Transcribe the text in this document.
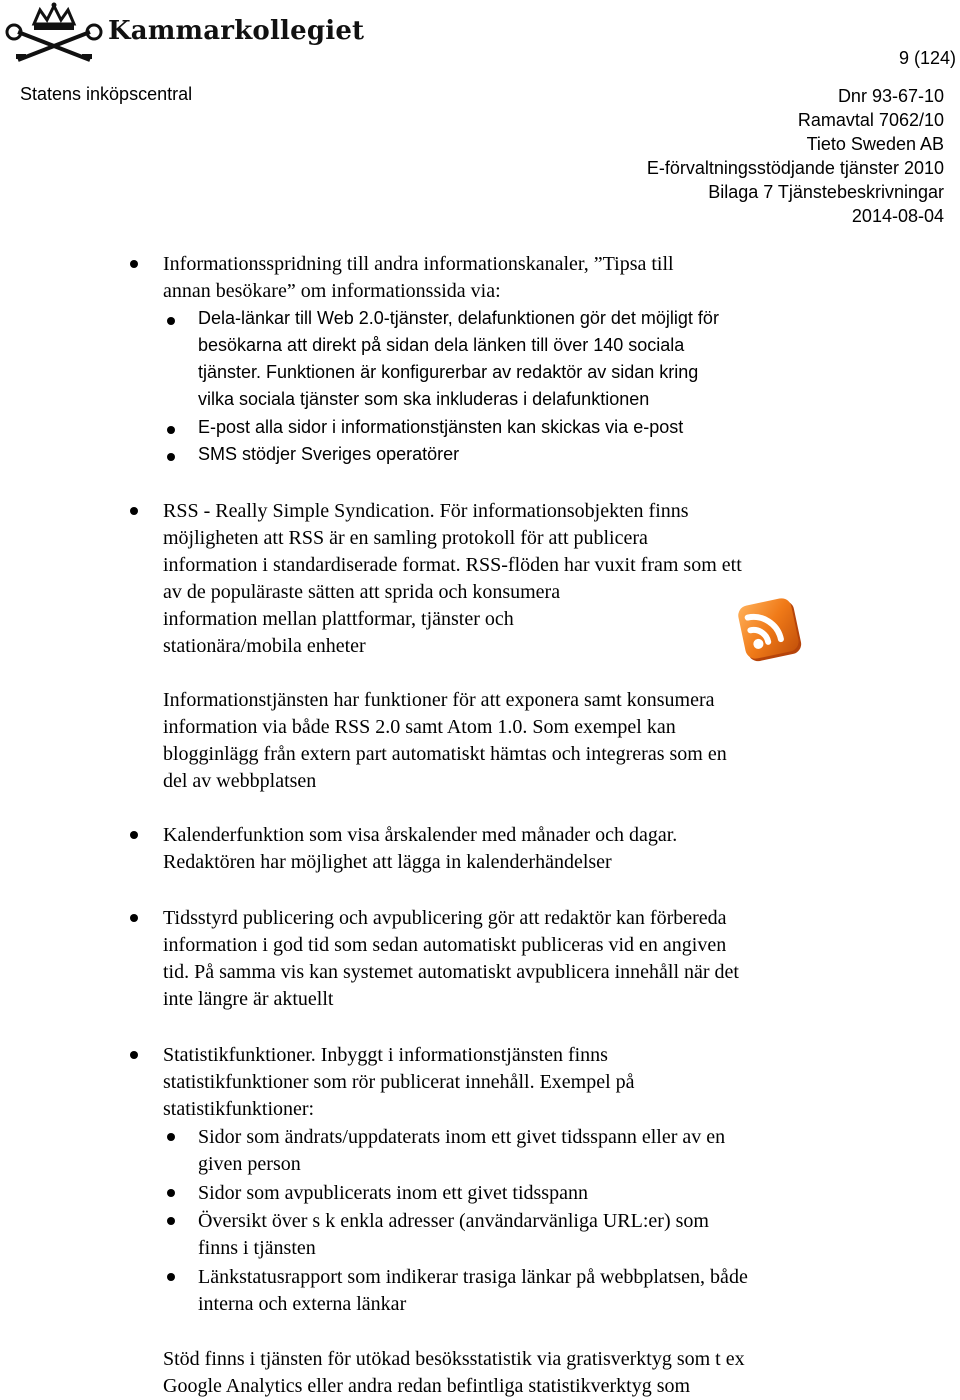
Kammarkollegiet
9 (124)
Statens inköpscentral	Dnr 93-67-10
Ramavtal 7062/10
Tieto Sweden AB
E-förvaltningsstödjande tjänster 2010
Bilaga 7 Tjänstebeskrivningar
2014-08-04
Informationsspridning till andra informationskanaler, ”Tipsa till
annan besökare” om informationssida via:
Dela-länkar till Web 2.0-tjänster, delafunktionen gör det möjligt för
besökarna att direkt på sidan dela länken till över 140 sociala
tjänster. Funktionen är konfigurerbar av redaktör av sidan kring
vilka sociala tjänster som ska inkluderas i delafunktionen
E-post alla sidor i informationstjänsten kan skickas via e-post
SMS stödjer Sveriges operatörer
RSS - Really Simple Syndication. För informationsobjekten finns
möjligheten att RSS är en samling protokoll för att publicera
information i standardiserade format. RSS-flöden har vuxit fram som ett
av de populäraste sätten att sprida och konsumera
information mellan plattformar, tjänster och
stationära/mobila enheter
Informationstjänsten har funktioner för att exponera samt konsumera
information via både RSS 2.0 samt Atom 1.0. Som exempel kan
blogginlägg från extern part automatiskt hämtas och integreras som en
del av webbplatsen
Kalenderfunktion som visa årskalender med månader och dagar.
Redaktören har möjlighet att lägga in kalenderhändelser
Tidsstyrd publicering och avpublicering gör att redaktör kan förbereda
information i god tid som sedan automatiskt publiceras vid en angiven
tid. På samma vis kan systemet automatiskt avpublicera innehåll när det
inte längre är aktuellt
Statistikfunktioner. Inbyggt i informationstjänsten finns
statistikfunktioner som rör publicerat innehåll. Exempel på
statistikfunktioner:
Sidor som ändrats/uppdaterats inom ett givet tidsspann eller av en
given person
Sidor som avpublicerats inom ett givet tidsspann
Översikt över s k enkla adresser (användarvänliga URL:er) som
finns i tjänsten
Länkstatusrapport som indikerar trasiga länkar på webbplatsen, både
interna och externa länkar
Stöd finns i tjänsten för utökad besöksstatistik via gratisverktyg som t ex
Google Analytics eller andra redan befintliga statistikverktyg som
